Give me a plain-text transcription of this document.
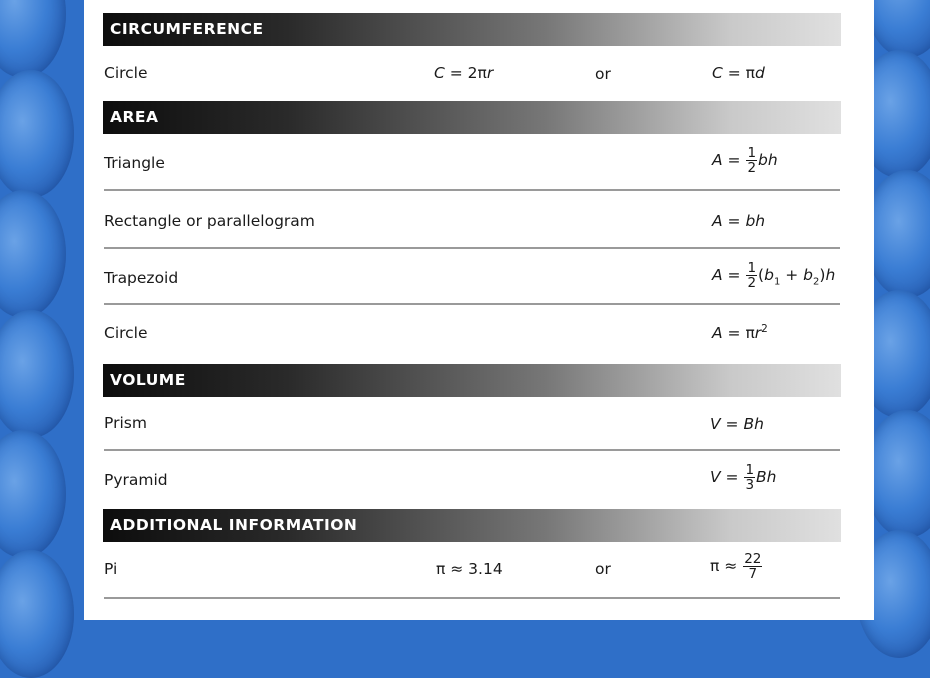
CIRCUMFERENCE
Circle	C = 2πr	or	C = πd
AREA
Triangle	$A = \frac{1}{2}$ bh
Rectangle or parallelogram	A = bh
Trapezoid	$A = \frac{1}{2} (b_1 + b_2)h$
Circle	$A = \pi r^2$
VOLUME
Prism	V = Bh
Pyramid	$V = \frac{1}{3}$ Bh
ADDITIONAL INFORMATION
Pi	π ≈ 3.14	or	$\pi \approx \frac{22}{7}$
